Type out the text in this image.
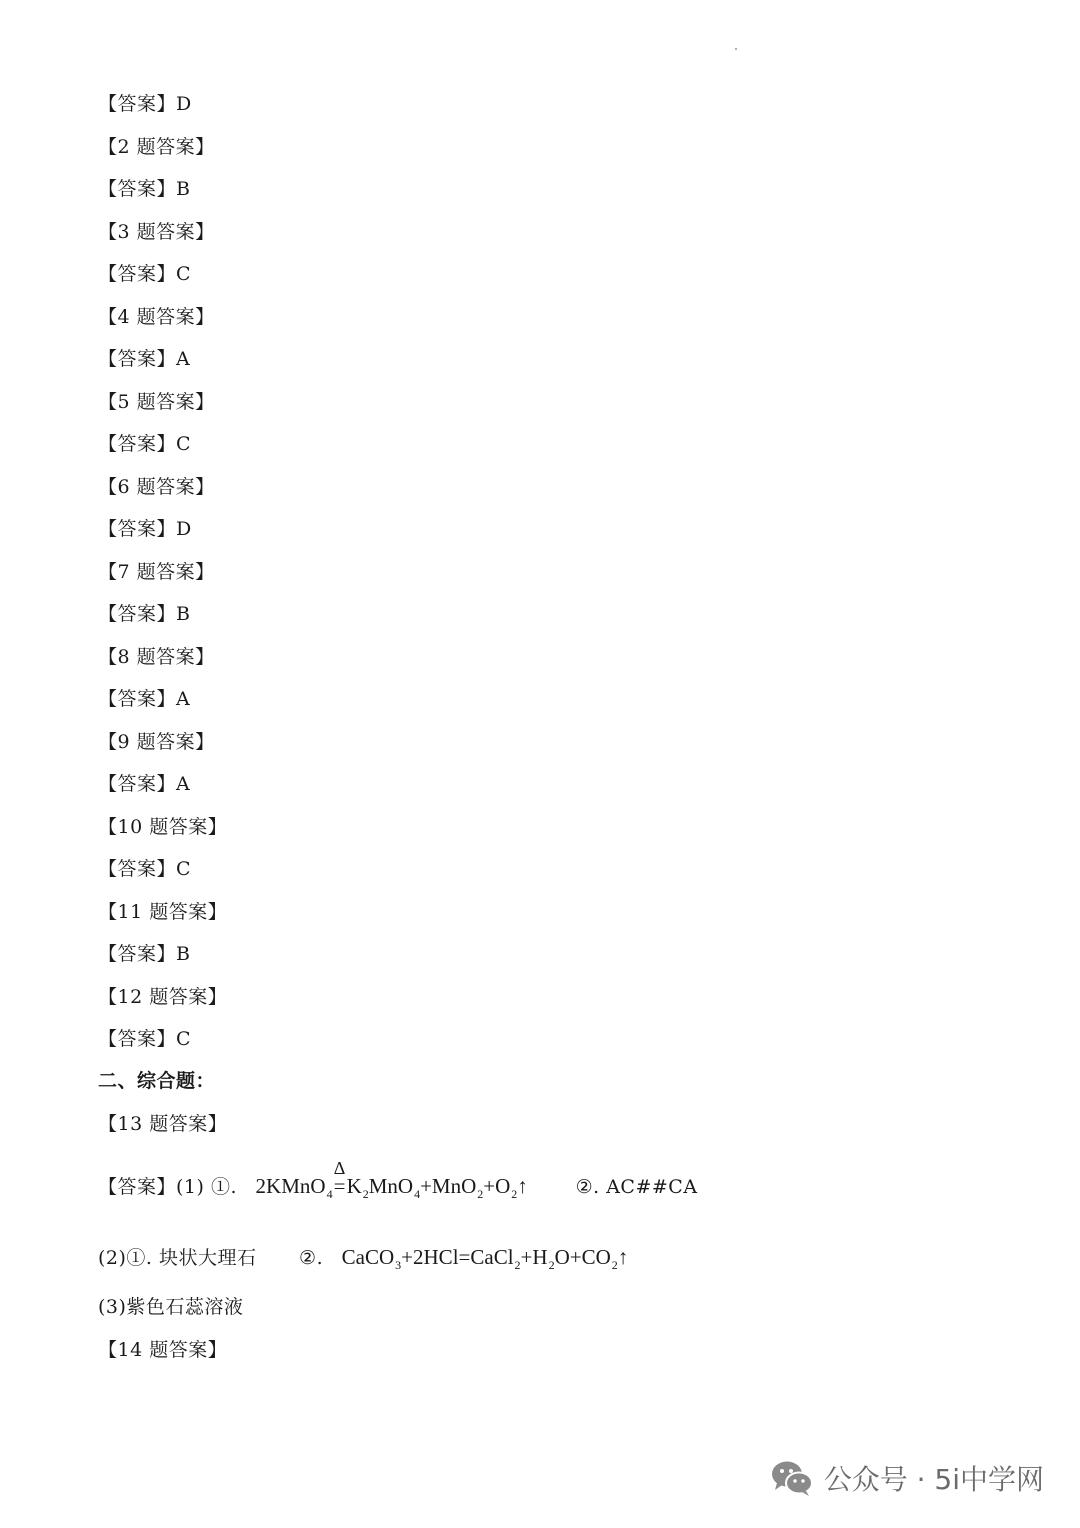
【答案】D
【2 题答案】
【答案】B
【3 题答案】
【答案】C
【4 题答案】
【答案】A
【5 题答案】
【答案】C
【6 题答案】
【答案】D
【7 题答案】
【答案】B
【8 题答案】
【答案】A
【9 题答案】
【答案】A
【10 题答案】
【答案】C
【11 题答案】
【答案】B
【12 题答案】
【答案】C
二、综合题：
【13 题答案】
【答案】(1) ①. 2KMnO$_4$
Δ
$=K_2MnO_4+MnO_2+O_2↑$	②. AC##CA
(2)①. 块状大理石 ②. $CaCO_3+2HCl=CaCl_2+H_2O+CO_2↑$
(3)紫色石蕊溶液
【14 题答案】
公众号 · 5i中学网
